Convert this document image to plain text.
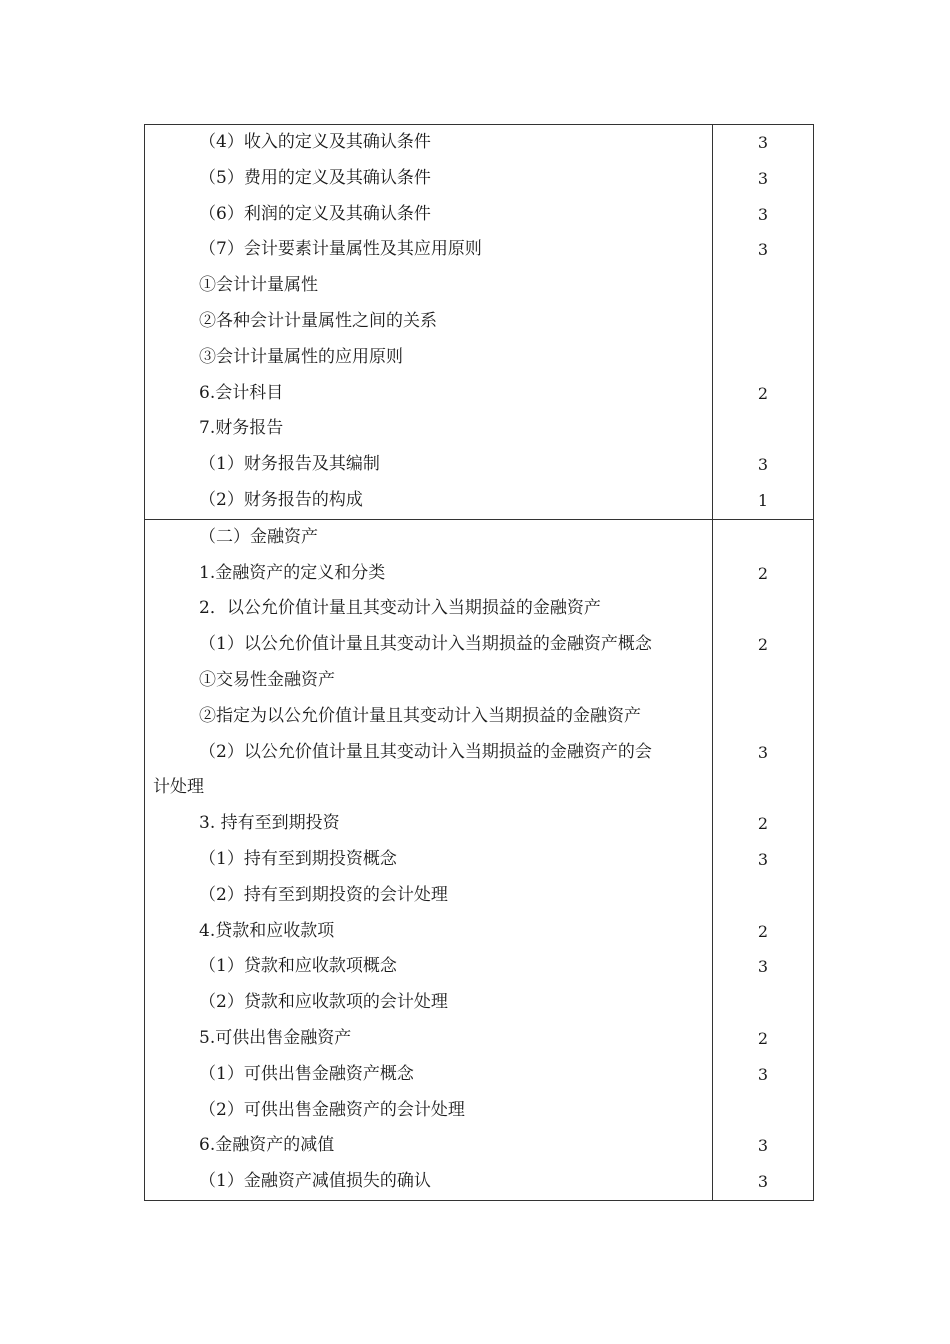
（4）收入的定义及其确认条件
（5）费用的定义及其确认条件
（6）利润的定义及其确认条件
（7）会计要素计量属性及其应用原则
①会计计量属性
②各种会计计量属性之间的关系
③会计计量属性的应用原则
6.会计科目
7.财务报告
（1）财务报告及其编制
（2）财务报告的构成
3
3
3
3
2
3
1
（二）金融资产
1.金融资产的定义和分类
2．以公允价值计量且其变动计入当期损益的金融资产
（1）以公允价值计量且其变动计入当期损益的金融资产概念
①交易性金融资产
②指定为以公允价值计量且其变动计入当期损益的金融资产
（2）以公允价值计量且其变动计入当期损益的金融资产的会
计处理
3. 持有至到期投资
（1）持有至到期投资概念
（2）持有至到期投资的会计处理
4.贷款和应收款项
（1）贷款和应收款项概念
（2）贷款和应收款项的会计处理
5.可供出售金融资产
（1）可供出售金融资产概念
（2）可供出售金融资产的会计处理
6.金融资产的减值
（1）金融资产减值损失的确认
2
2
3
2
3
2
3
2
3
3
3
